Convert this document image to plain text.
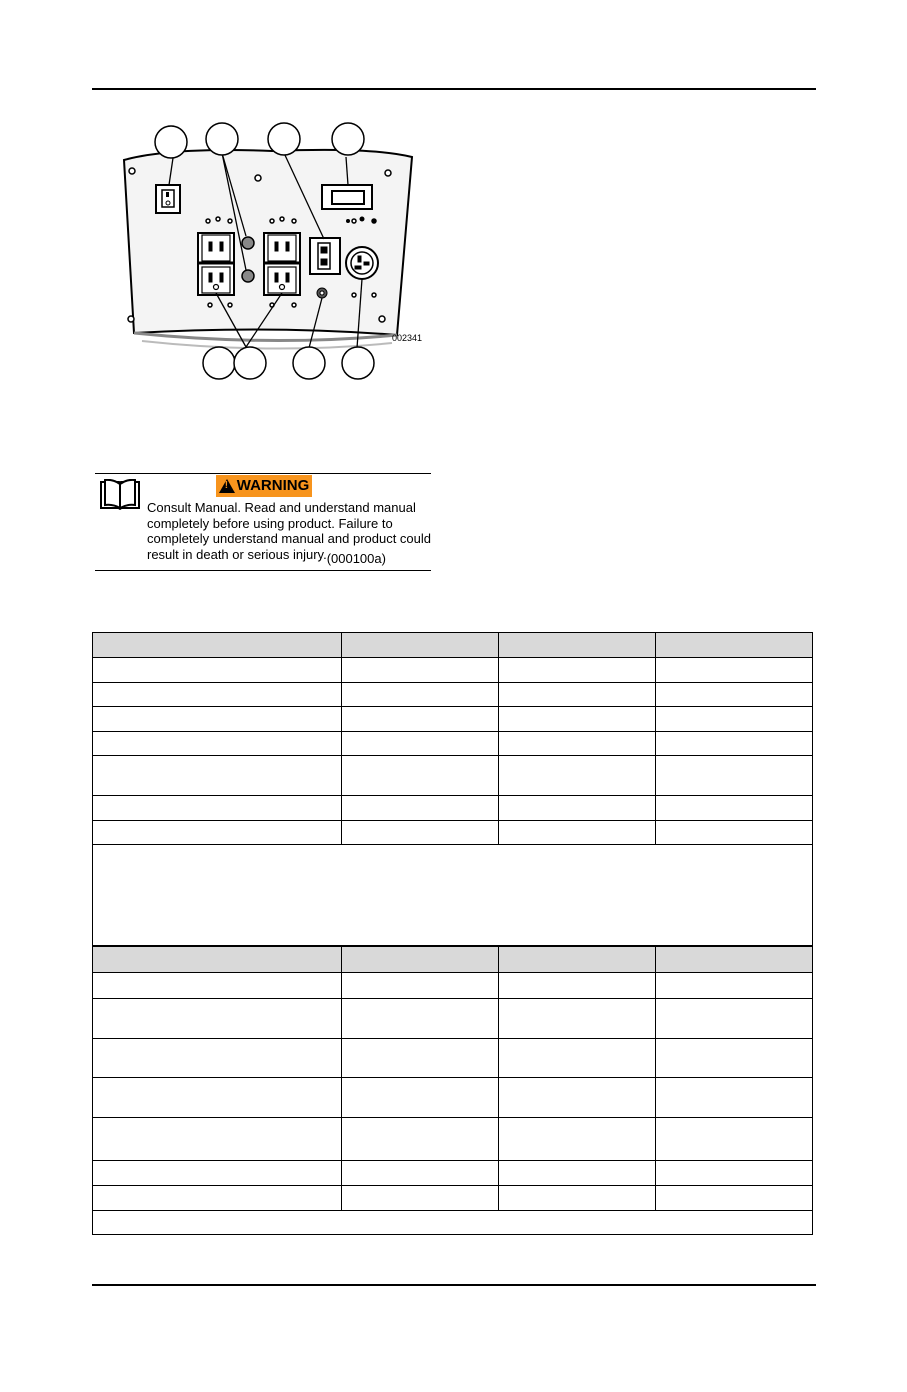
002341
!
WARNING
Consult Manual. Read and understand manual completely before using product. Failure to completely understand manual and product could result in death or serious injury.(000100a)
